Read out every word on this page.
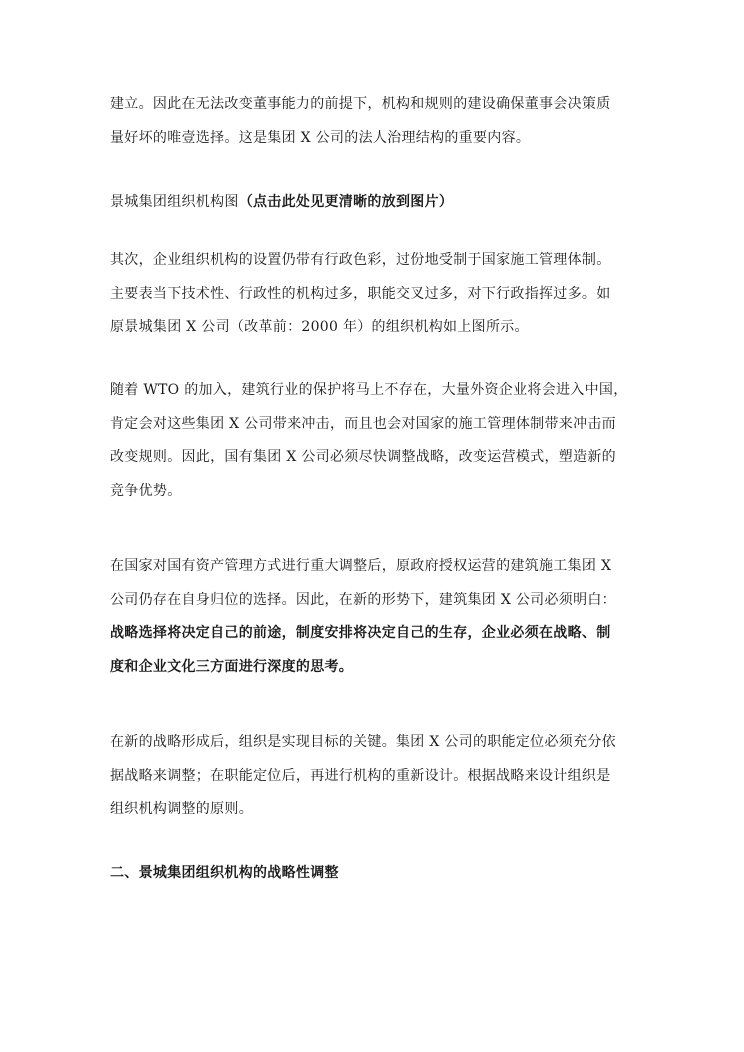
建立。因此在无法改变董事能力的前提下，机构和规则的建设确保董事会决策质
量好坏的唯壹选择。这是集团 X 公司的法人治理结构的重要内容。

景城集团组织机构图（点击此处见更清晰的放到图片）

其次，企业组织机构的设置仍带有行政色彩，过份地受制于国家施工管理体制。
主要表当下技术性、行政性的机构过多，职能交叉过多，对下行政指挥过多。如
原景城集团 X 公司（改革前：2000 年）的组织机构如上图所示。

随着 WTO 的加入，建筑行业的保护将马上不存在，大量外资企业将会进入中国，
肯定会对这些集团 X 公司带来冲击，而且也会对国家的施工管理体制带来冲击而
改变规则。因此，国有集团 X 公司必须尽快调整战略，改变运营模式，塑造新的
竞争优势。

在国家对国有资产管理方式进行重大调整后，原政府授权运营的建筑施工集团 X
公司仍存在自身归位的选择。因此，在新的形势下，建筑集团 X 公司必须明白：
战略选择将决定自己的前途，制度安排将决定自己的生存，企业必须在战略、制
度和企业文化三方面进行深度的思考。

在新的战略形成后，组织是实现目标的关键。集团 X 公司的职能定位必须充分依
据战略来调整；在职能定位后，再进行机构的重新设计。根据战略来设计组织是
组织机构调整的原则。

二、景城集团组织机构的战略性调整
